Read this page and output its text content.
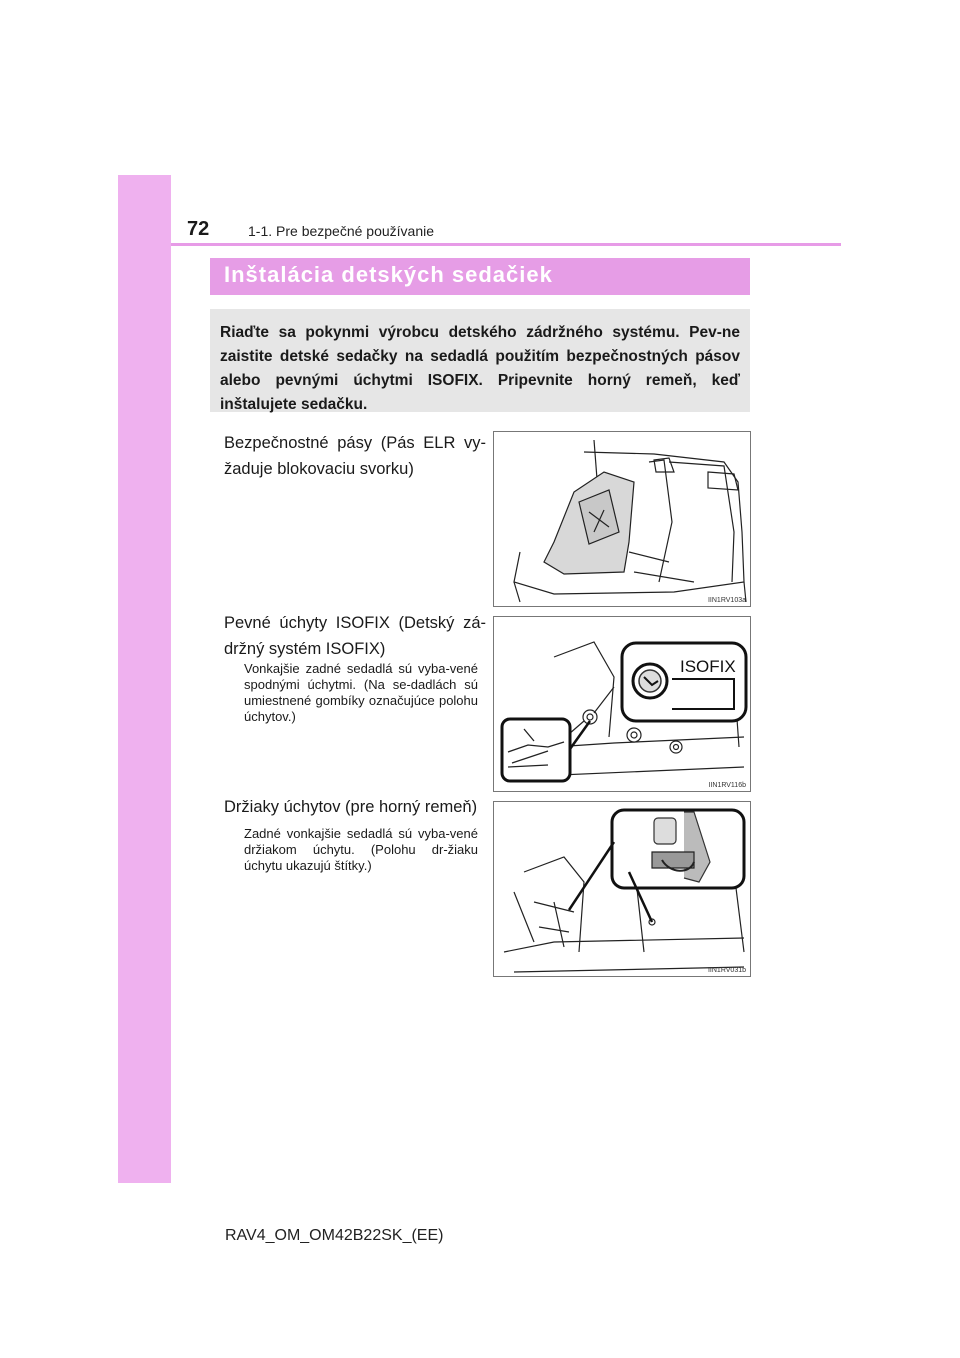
72	1-1. Pre bezpečné používanie
Inštalácia detských sedačiek
Riaďte sa pokynmi výrobcu detského zádržného systému. Pev-ne zaistite detské sedačky na sedadlá použitím bezpečnostných pásov alebo pevnými úchytmi ISOFIX. Pripevnite horný remeň, keď inštalujete sedačku.
Bezpečnostné pásy (Pás ELR vy-žaduje blokovaciu svorku)
IIN1RV103a
Pevné úchyty ISOFIX (Detský zá-držný systém ISOFIX)
Vonkajšie zadné sedadlá sú vyba-vené spodnými úchytmi. (Na se-dadlách sú umiestnené gombíky označujúce polohu úchytov.)
ISOFIX
IIN1RV116b
Držiaky úchytov (pre horný remeň)
Zadné vonkajšie sedadlá sú vyba-vené držiakom úchytu. (Polohu dr-žiaku úchytu ukazujú štítky.)
IIN1RV031b
RAV4_OM_OM42B22SK_(EE)
